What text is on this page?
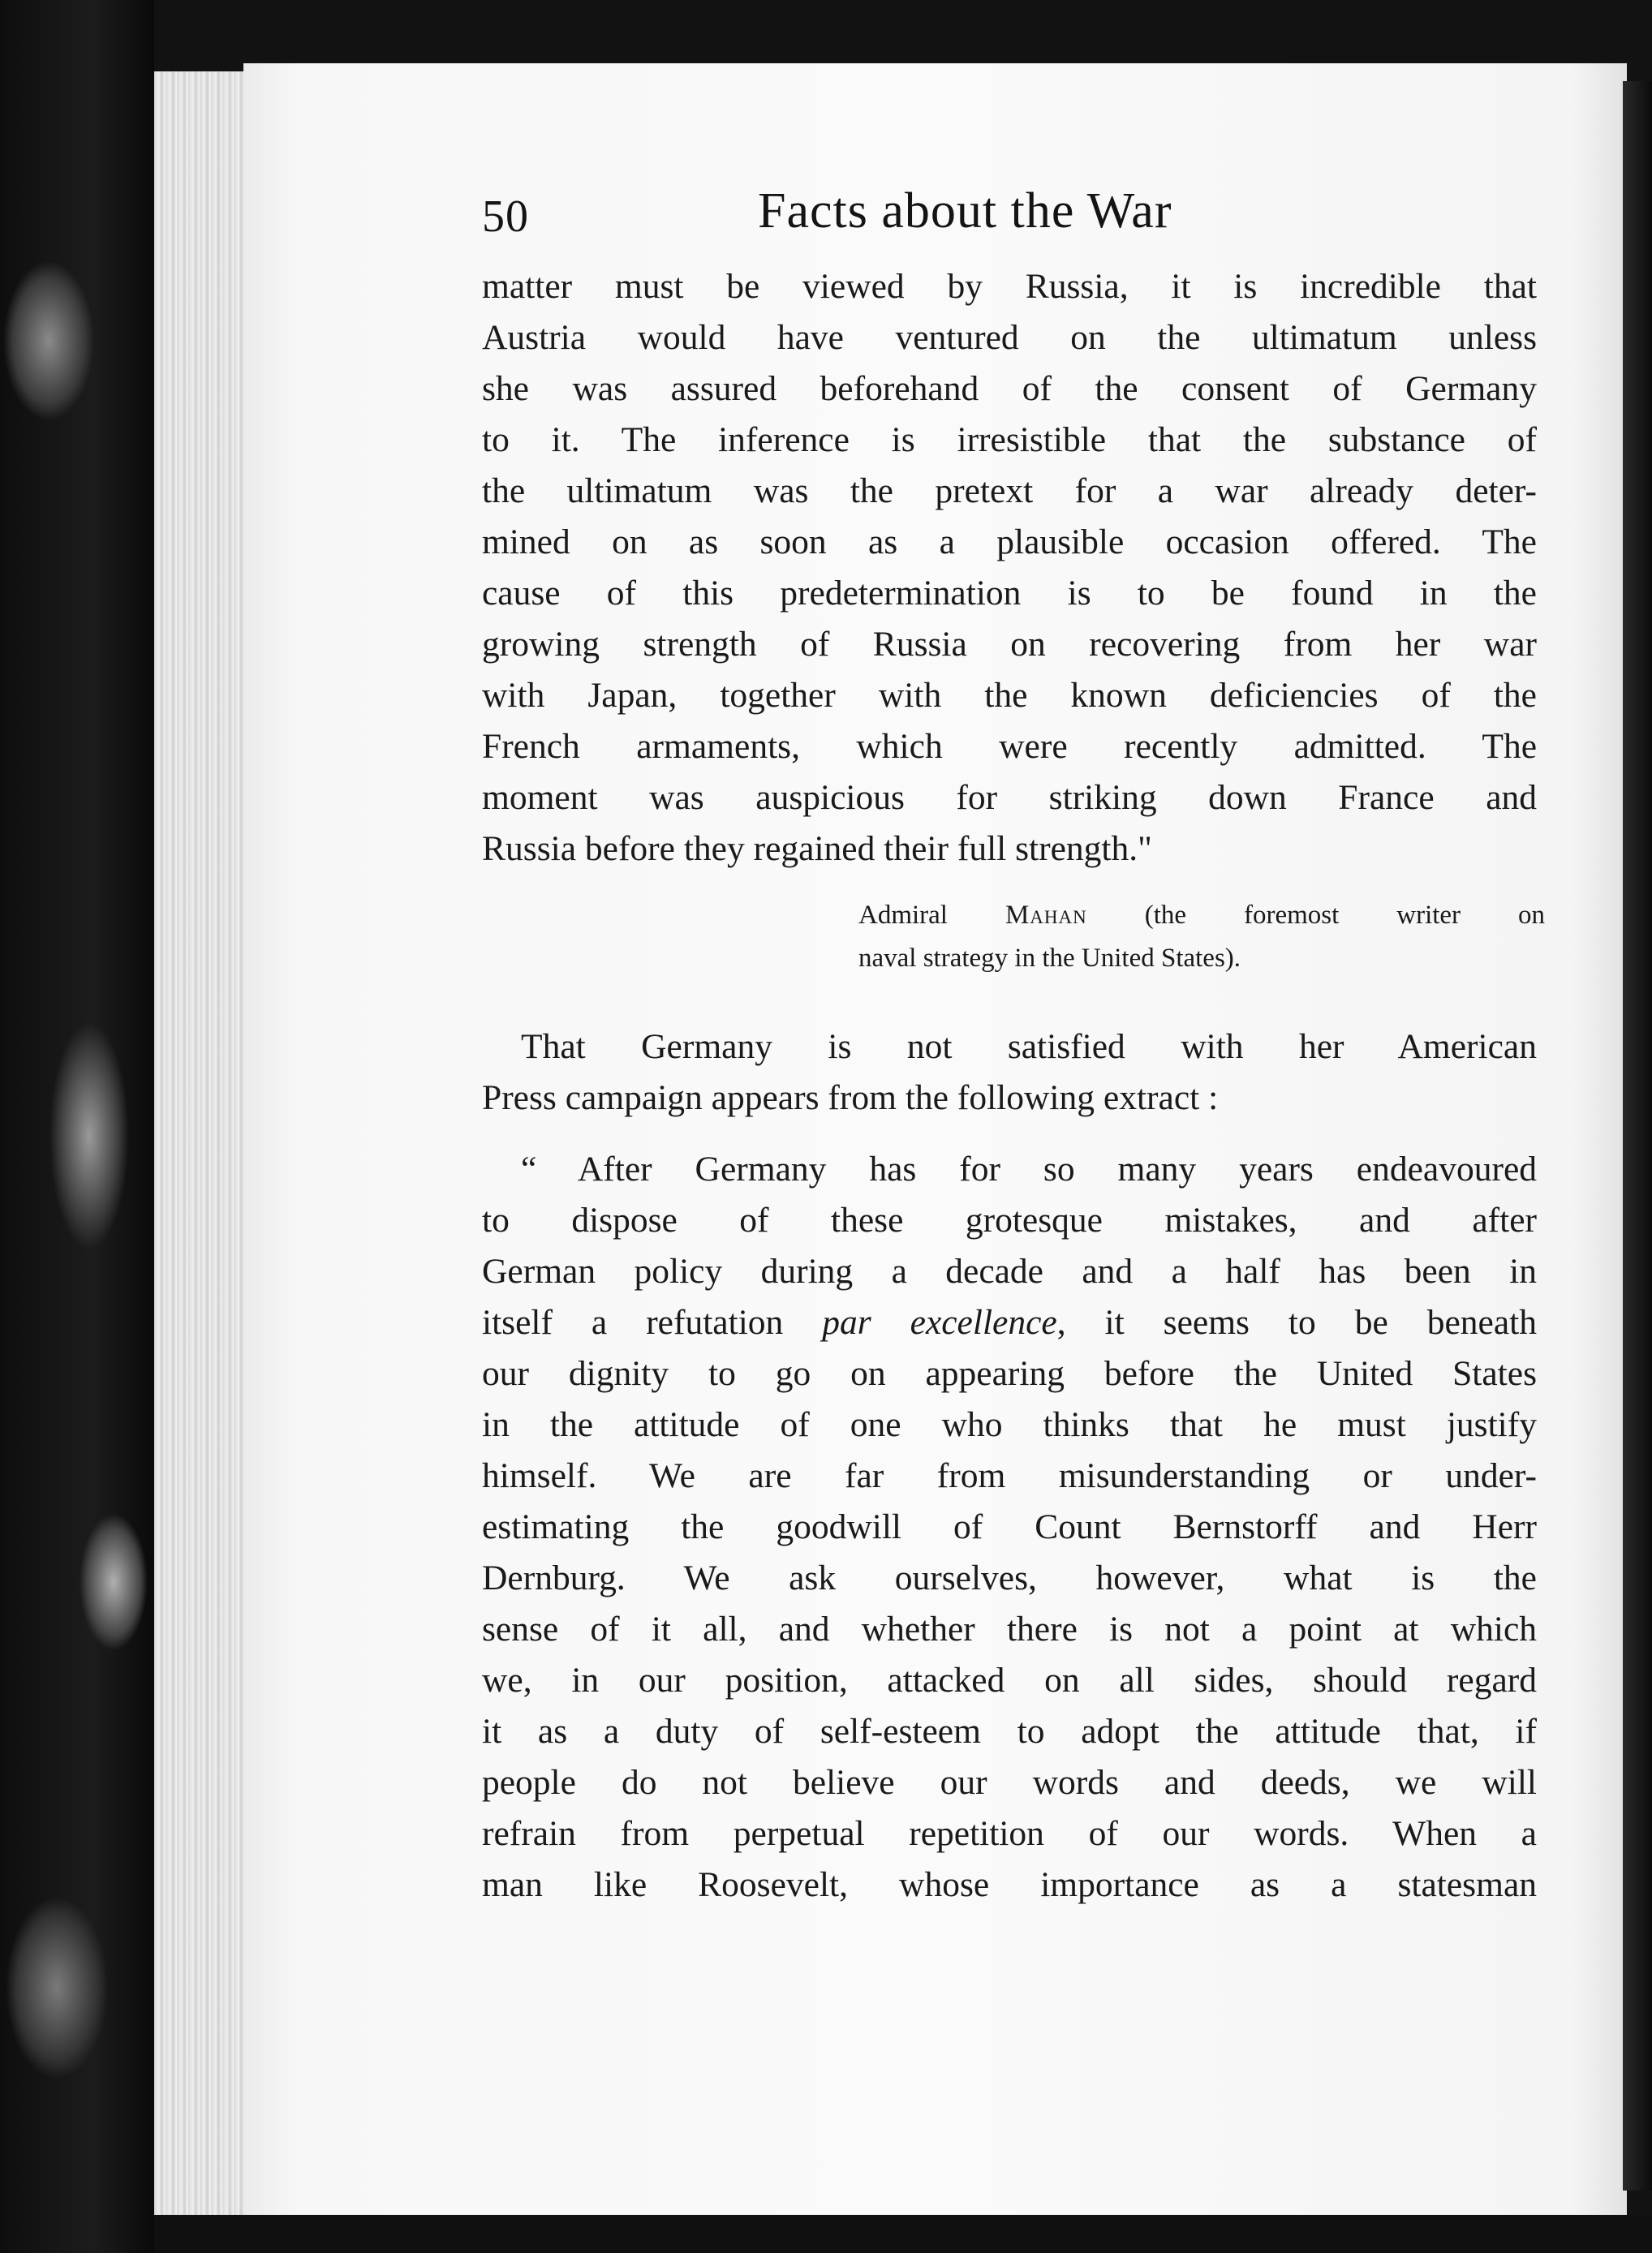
50	Facts about the War
matter must be viewed by Russia, it is incredible that
Austria would have ventured on the ultimatum unless
she was assured beforehand of the consent of Germany
to it. The inference is irresistible that the substance of
the ultimatum was the pretext for a war already deter-
mined on as soon as a plausible occasion offered. The
cause of this predetermination is to be found in the
growing strength of Russia on recovering from her war
with Japan, together with the known deficiencies of the
French armaments, which were recently admitted. The
moment was auspicious for striking down France and
Russia before they regained their full strength."
Admiral Mahan (the foremost writer on
naval strategy in the United States).
That Germany is not satisfied with her American
Press campaign appears from the following extract :
“ After Germany has for so many years endeavoured
to dispose of these grotesque mistakes, and after
German policy during a decade and a half has been in
itself a refutation par excellence, it seems to be beneath
our dignity to go on appearing before the United States
in the attitude of one who thinks that he must justify
himself. We are far from misunderstanding or under-
estimating the goodwill of Count Bernstorff and Herr
Dernburg. We ask ourselves, however, what is the
sense of it all, and whether there is not a point at which
we, in our position, attacked on all sides, should regard
it as a duty of self-esteem to adopt the attitude that, if
people do not believe our words and deeds, we will
refrain from perpetual repetition of our words. When a
man like Roosevelt, whose importance as a statesman
